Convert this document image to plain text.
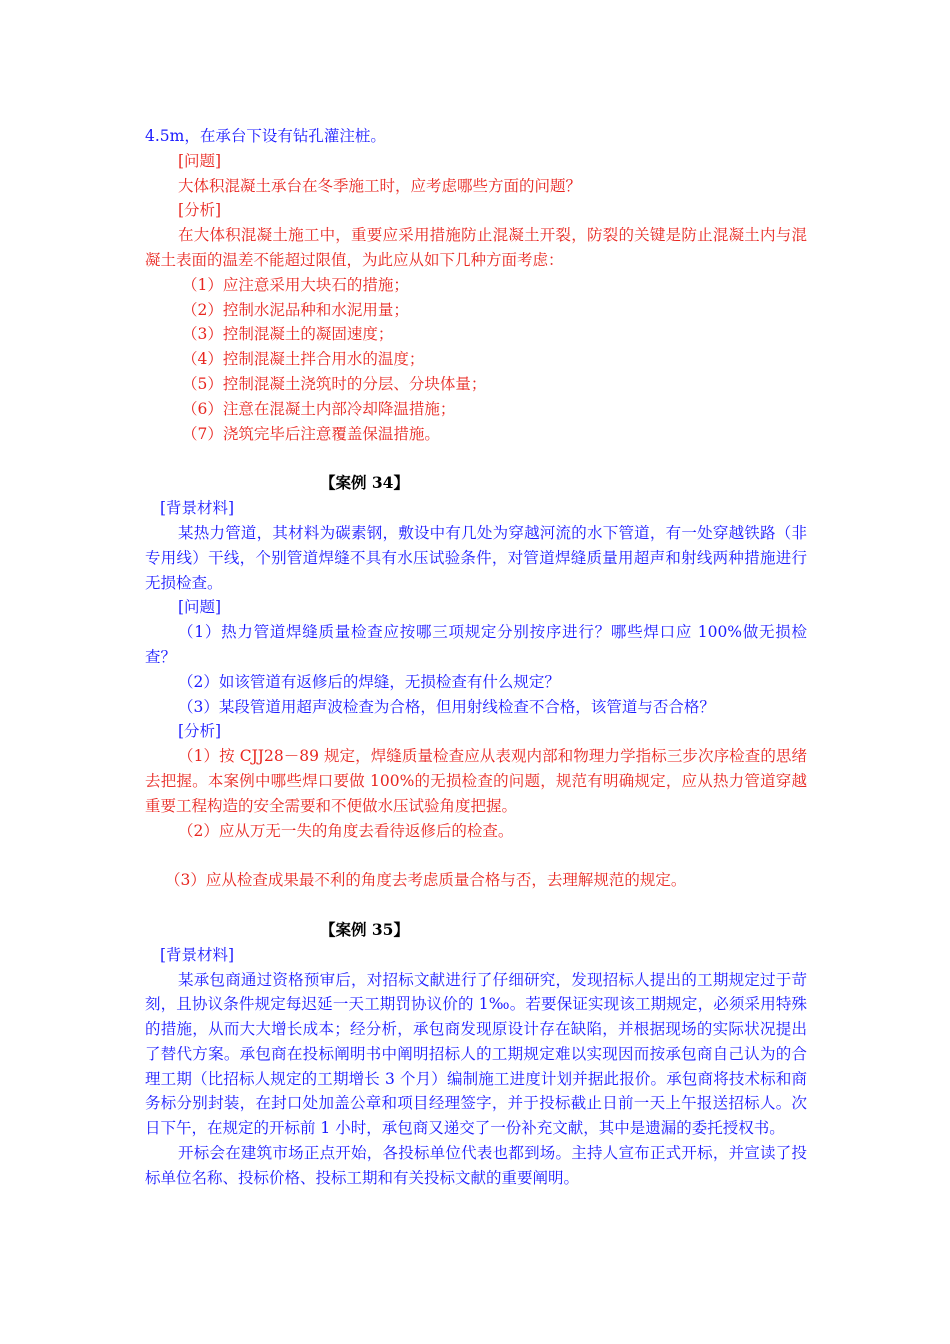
4.5m，在承台下设有钻孔灌注桩。

[问题]

大体积混凝土承台在冬季施工时，应考虑哪些方面的问题？

[分析]

在大体积混凝土施工中，重要应采用措施防止混凝土开裂，防裂的关键是防止混凝土内与混凝土表面的温差不能超过限值，为此应从如下几种方面考虑：

（1）应注意采用大块石的措施；

（2）控制水泥品种和水泥用量；

（3）控制混凝土的凝固速度；

（4）控制混凝土拌合用水的温度；

（5）控制混凝土浇筑时的分层、分块体量；

（6）注意在混凝土内部冷却降温措施；

（7）浇筑完毕后注意覆盖保温措施。

【案例 34】

[背景材料]

某热力管道，其材料为碳素钢，敷设中有几处为穿越河流的水下管道，有一处穿越铁路（非专用线）干线，个别管道焊缝不具有水压试验条件，对管道焊缝质量用超声和射线两种措施进行无损检查。

[问题]

（1）热力管道焊缝质量检查应按哪三项规定分别按序进行？哪些焊口应 100%做无损检查？

（2）如该管道有返修后的焊缝，无损检查有什么规定？

（3）某段管道用超声波检查为合格，但用射线检查不合格，该管道与否合格？

[分析]

（1）按 CJJ28－89 规定，焊缝质量检查应从表观内部和物理力学指标三步次序检查的思绪去把握。本案例中哪些焊口要做 100%的无损检查的问题，规范有明确规定，应从热力管道穿越重要工程构造的安全需要和不便做水压试验角度把握。

（2）应从万无一失的角度去看待返修后的检查。

（3）应从检查成果最不利的角度去考虑质量合格与否，去理解规范的规定。

【案例 35】

[背景材料]

某承包商通过资格预审后，对招标文献进行了仔细研究，发现招标人提出的工期规定过于苛刻，且协议条件规定每迟延一天工期罚协议价的 1‰。若要保证实现该工期规定，必须采用特殊的措施，从而大大增长成本；经分析，承包商发现原设计存在缺陷，并根据现场的实际状况提出了替代方案。承包商在投标阐明书中阐明招标人的工期规定难以实现因而按承包商自己认为的合理工期（比招标人规定的工期增长 3 个月）编制施工进度计划并据此报价。承包商将技术标和商务标分别封装，在封口处加盖公章和项目经理签字，并于投标截止日前一天上午报送招标人。次日下午，在规定的开标前 1 小时，承包商又递交了一份补充文献，其中是遗漏的委托授权书。

开标会在建筑市场正点开始，各投标单位代表也都到场。主持人宣布正式开标，并宣读了投标单位名称、投标价格、投标工期和有关投标文献的重要阐明。
